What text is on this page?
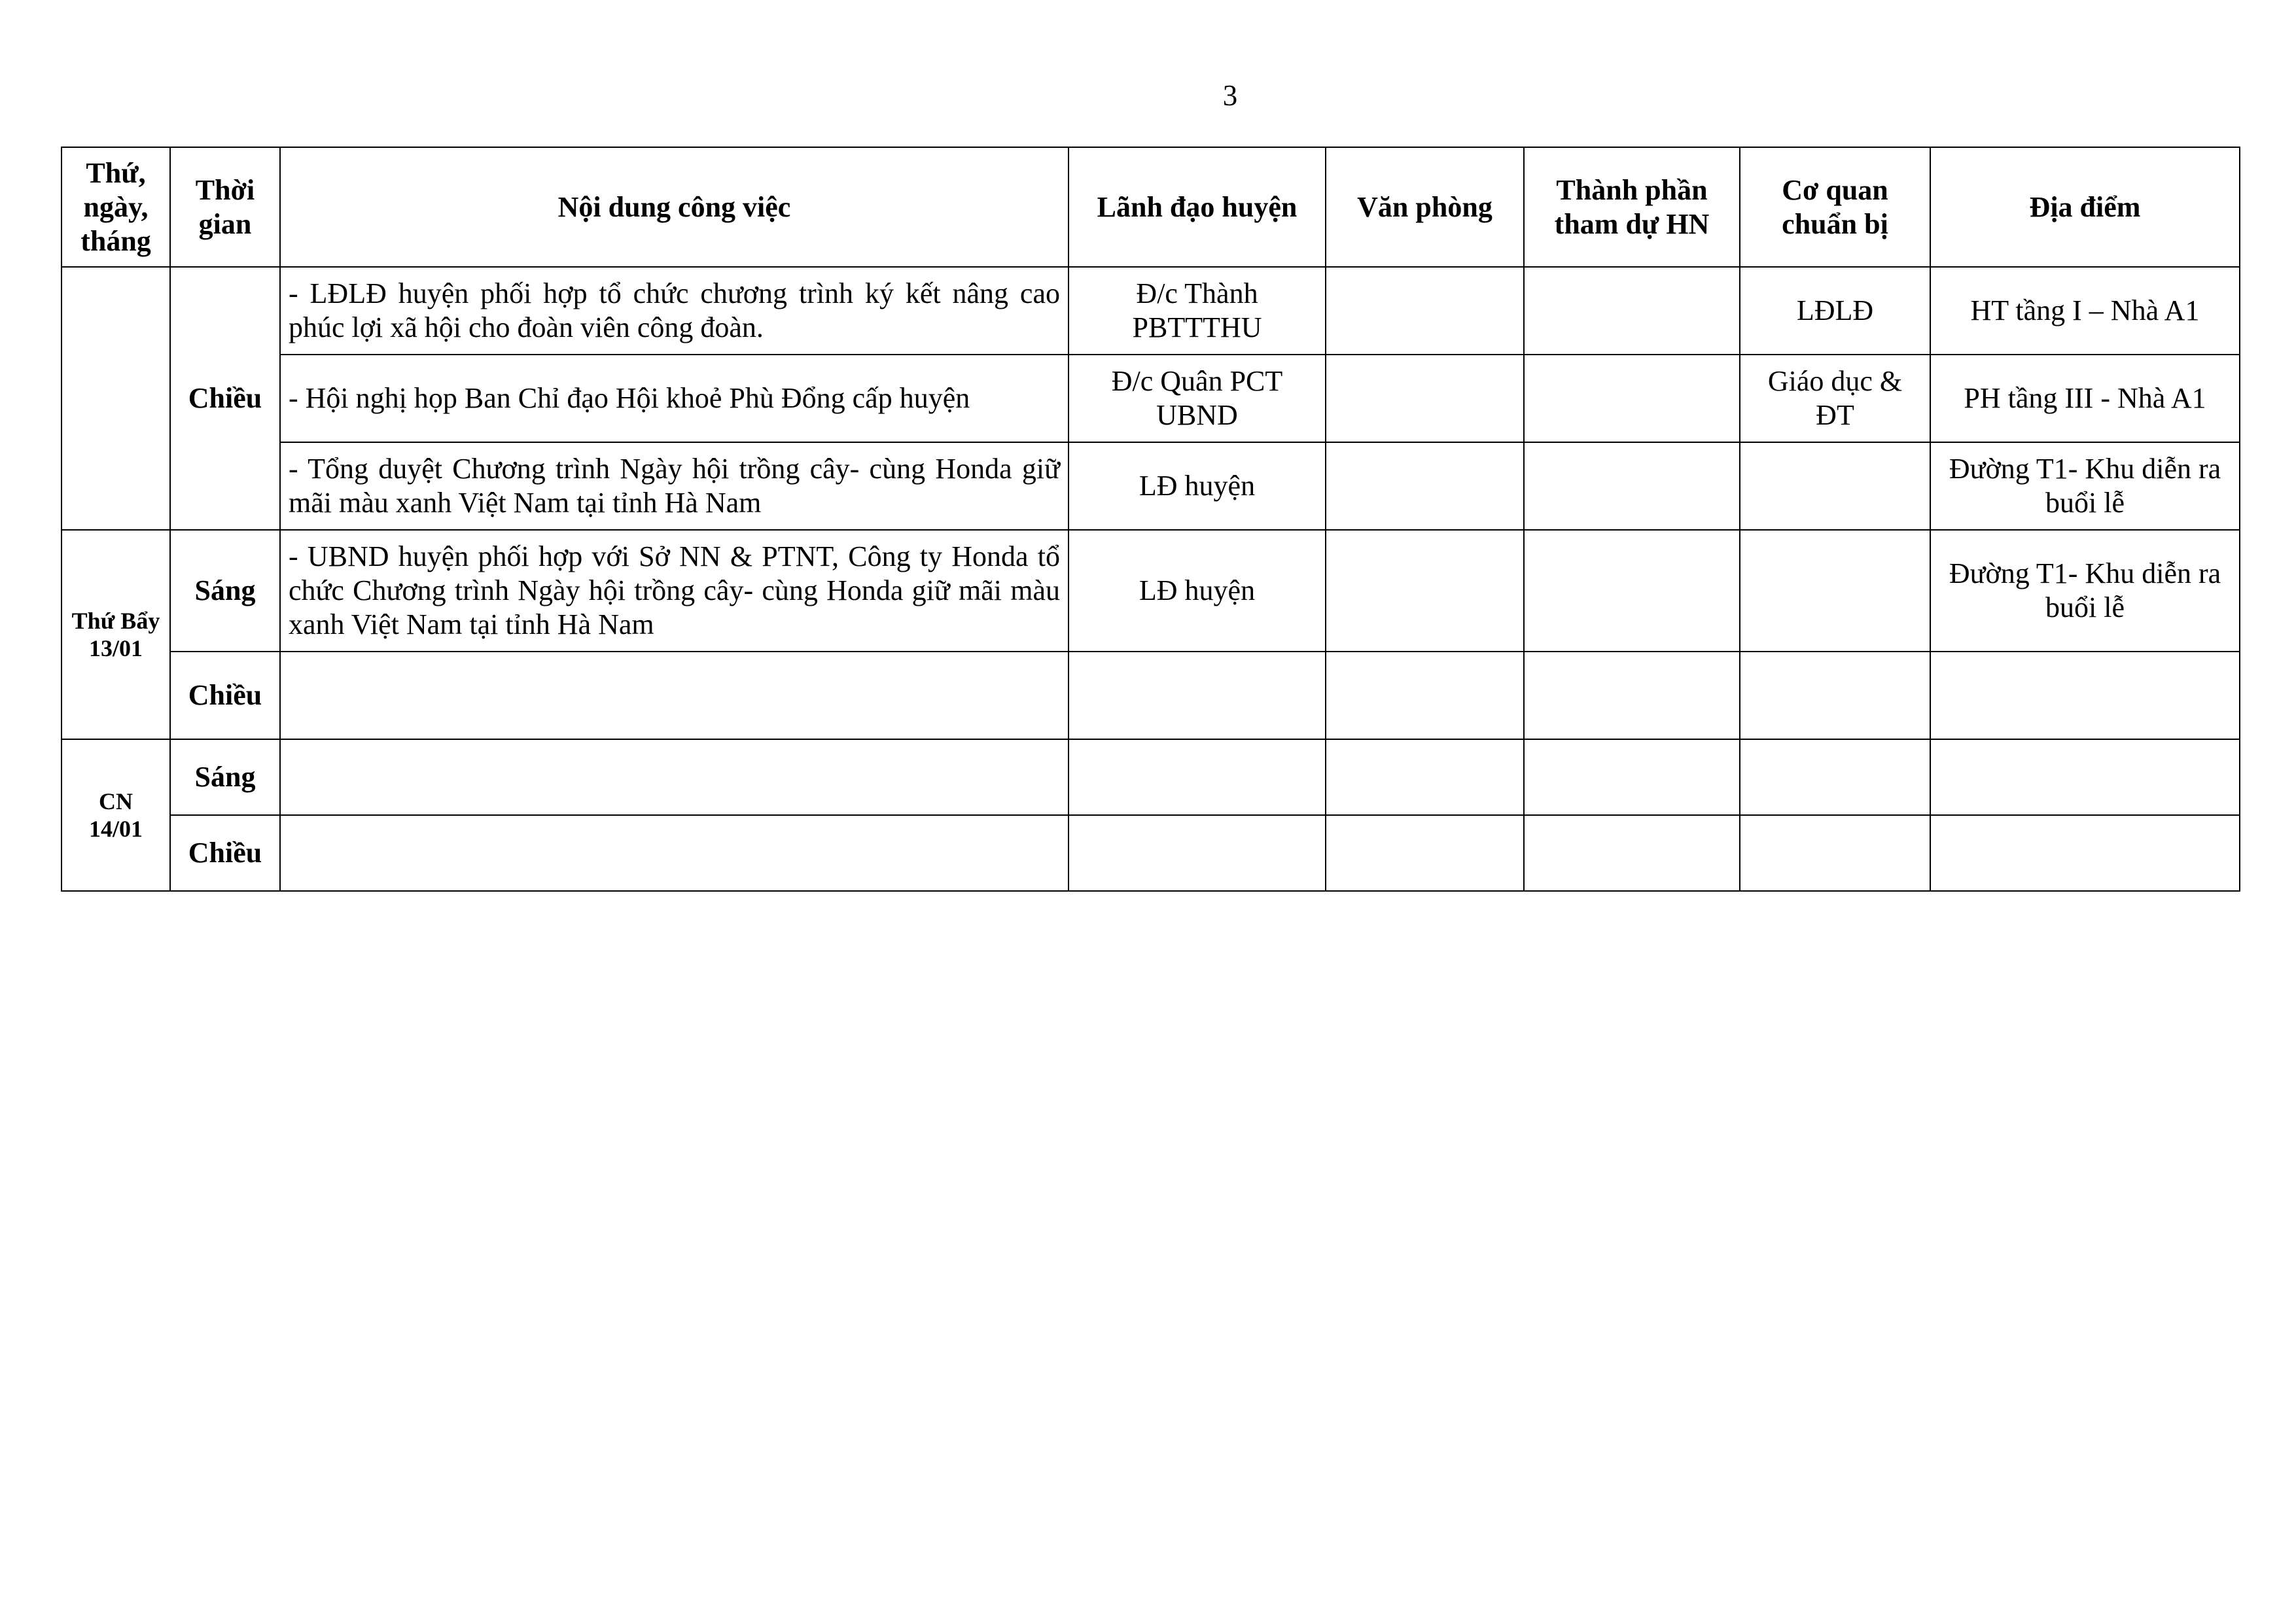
3
Thứ, ngày, tháng	Thời gian	Nội dung công việc	Lãnh đạo huyện	Văn phòng	Thành phần tham dự HN	Cơ quan chuẩn bị	Địa điểm
	Chiều	- LĐLĐ huyện phối hợp tổ chức chương trình ký kết nâng cao phúc lợi xã hội cho đoàn viên công đoàn.	Đ/c Thành PBTTTHU			LĐLĐ	HT tầng I – Nhà A1
		- Hội nghị họp Ban Chỉ đạo Hội khoẻ Phù Đổng cấp huyện	Đ/c Quân PCT UBND			Giáo dục & ĐT	PH tầng III - Nhà A1
		- Tổng duyệt Chương trình Ngày hội trồng cây- cùng Honda giữ mãi màu xanh Việt Nam tại tỉnh Hà Nam	LĐ huyện				Đường T1- Khu diễn ra buổi lễ
Thứ Bẩy 13/01	Sáng	- UBND huyện phối hợp với Sở NN & PTNT, Công ty Honda tổ chức Chương trình Ngày hội trồng cây- cùng Honda giữ mãi màu xanh Việt Nam tại tỉnh Hà Nam	LĐ huyện				Đường T1- Khu diễn ra buổi lễ
	Chiều						
CN 14/01	Sáng						
	Chiều						
